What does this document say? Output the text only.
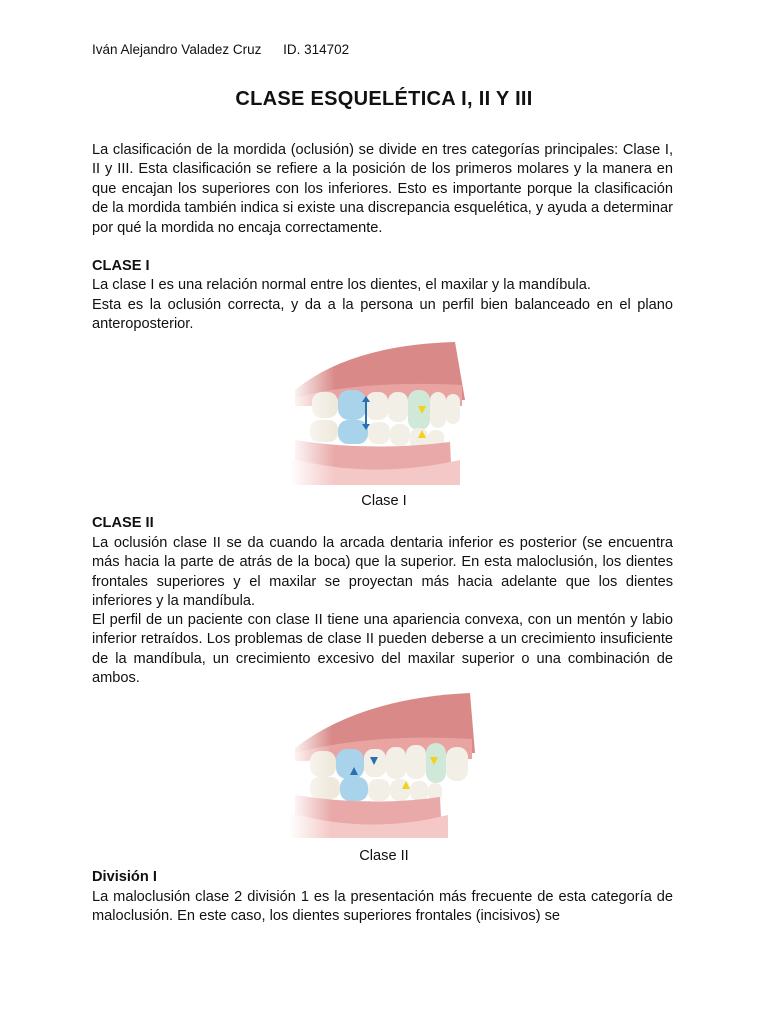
Iván Alejandro Valadez Cruz ID. 314702
CLASE ESQUELÉTICA I, II Y III

La clasificación de la mordida (oclusión) se divide en tres categorías principales: Clase I, II y III. Esta clasificación se refiere a la posición de los primeros molares y la manera en que encajan los superiores con los inferiores. Esto es importante porque la clasificación de la mordida también indica si existe una discrepancia esquelética, y ayuda a determinar por qué la mordida no encaja correctamente.

CLASE I

La clase I es una relación normal entre los dientes, el maxilar y la mandíbula.

Esta es la oclusión correcta, y da a la persona un perfil bien balanceado en el plano anteroposterior.

Clase I
CLASE II

La oclusión clase II se da cuando la arcada dentaria inferior es posterior (se encuentra más hacia la parte de atrás de la boca) que la superior. En esta maloclusión, los dientes frontales superiores y el maxilar se proyectan más hacia adelante que los dientes inferiores y la mandíbula.

El perfil de un paciente con clase II tiene una apariencia convexa, con un mentón y labio inferior retraídos. Los problemas de clase II pueden deberse a un crecimiento insuficiente de la mandíbula, un crecimiento excesivo del maxilar superior o una combinación de ambos.

Clase II
División I

La maloclusión clase 2 división 1 es la presentación más frecuente de esta categoría de maloclusión. En este caso, los dientes superiores frontales (incisivos) se
